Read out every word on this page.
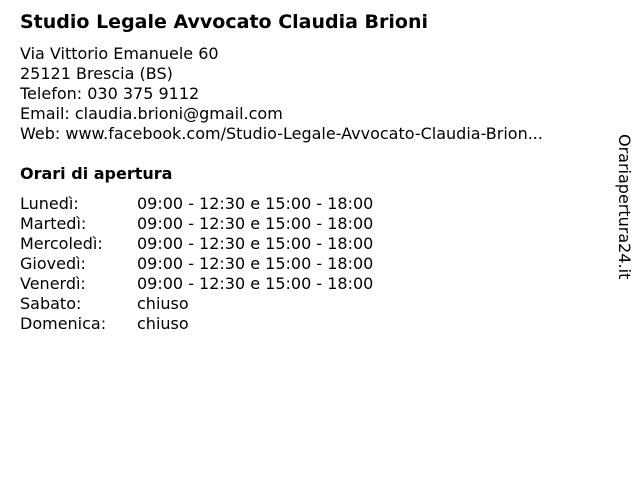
Studio Legale Avvocato Claudia Brioni
Via Vittorio Emanuele 60
25121 Brescia (BS)
Telefon: 030 375 9112
Email: claudia.brioni@gmail.com
Web: www.facebook.com/Studio-Legale-Avvocato-Claudia-Brion...
Orari di apertura
Lunedì:	09:00 - 12:30 e 15:00 - 18:00
Martedì:	09:00 - 12:30 e 15:00 - 18:00
Mercoledì: 09:00 - 12:30 e 15:00 - 18:00
Giovedì:	09:00 - 12:30 e 15:00 - 18:00
Venerdì:	09:00 - 12:30 e 15:00 - 18:00
Sabato:	chiuso
Domenica: chiuso
Orariapertura24.it
